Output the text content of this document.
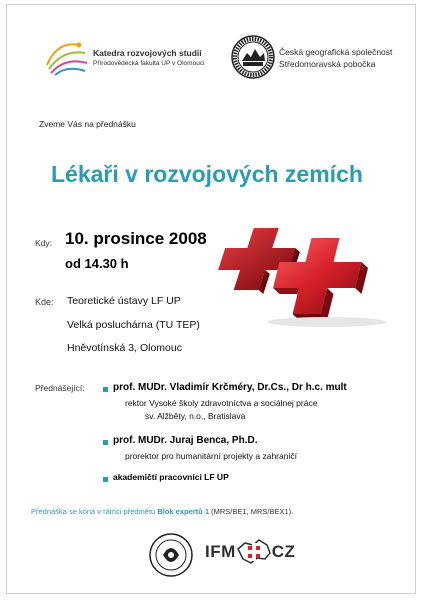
Katedra rozvojových studií
Přírodovědecká fakulta UP v Olomouci
Česká geografická společnost
Středomoravská pobočka
Zveme Vás na přednášku
Lékaři v rozvojových zemích
Kdy: 10. prosince 2008
od 14.30 h
Kde: Teoretické ústavy LF UP
Velká posluchárna (TU TEP)
Hněvotínská 3, Olomouc
Přednášející:	prof. MUDr. Vladimír Krčméry, Dr.Cs., Dr h.c. mult
rektor Vysoké školy zdravotníctva a sociálnej práce
sv. Alžběty, n.o., Bratislava
prof. MUDr. Juraj Benca, Ph.D.
prorektor pro humanitární projekty a zahraničí
akademičtí pracovníci LF UP
Přednáška se koná v rámci předmětu Blok expertů 1 (MRS/BE1, MRS/BEX1).
IFM CZ
